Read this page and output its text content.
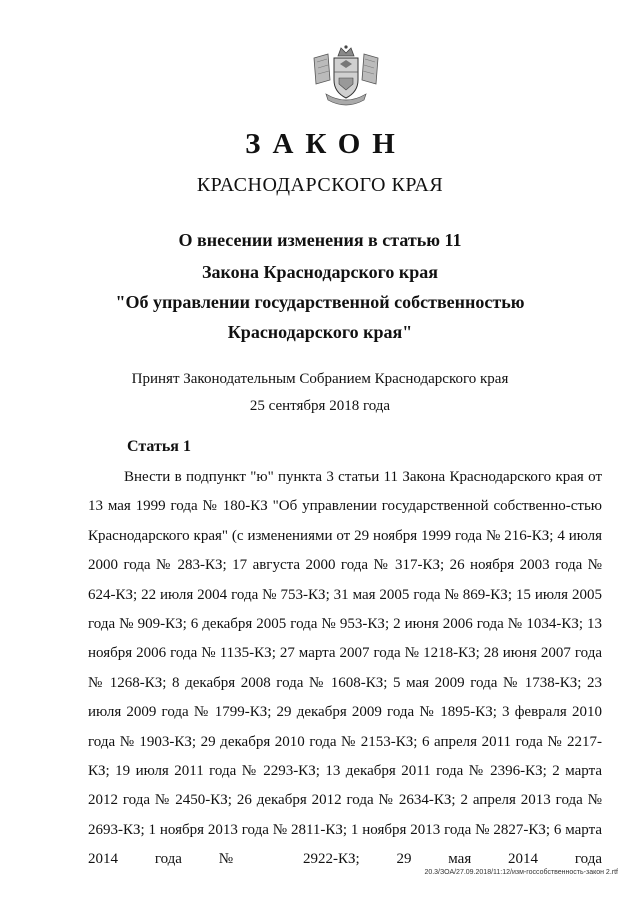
ЗАКОН
КРАСНОДАРСКОГО КРАЯ
О внесении изменения в статью 11
Закона Краснодарского края
"Об управлении государственной собственностью
Краснодарского края"
Принят Законодательным Собранием Краснодарского края
25 сентября 2018 года
Статья 1

Внести в подпункт "ю" пункта 3 статьи 11 Закона Краснодарского края от 13 мая 1999 года № 180-КЗ "Об управлении государственной собственно-стью Краснодарского края" (с изменениями от 29 ноября 1999 года № 216-КЗ; 4 июля 2000 года № 283-КЗ; 17 августа 2000 года № 317-КЗ; 26 ноября 2003 года № 624-КЗ; 22 июля 2004 года № 753-КЗ; 31 мая 2005 года № 869-КЗ; 15 июля 2005 года № 909-КЗ; 6 декабря 2005 года № 953-КЗ; 2 июня 2006 года № 1034-КЗ; 13 ноября 2006 года № 1135-КЗ; 27 марта 2007 года № 1218-КЗ; 28 июня 2007 года № 1268-КЗ; 8 декабря 2008 года № 1608-КЗ; 5 мая 2009 года № 1738-КЗ; 23 июля 2009 года № 1799-КЗ; 29 декабря 2009 года № 1895-КЗ; 3 февраля 2010 года № 1903-КЗ; 29 декабря 2010 года № 2153-КЗ; 6 апреля 2011 года № 2217-КЗ; 19 июля 2011 года № 2293-КЗ; 13 декабря 2011 года № 2396-КЗ; 2 марта 2012 года № 2450-КЗ; 26 декабря 2012 года № 2634-КЗ; 2 апреля 2013 года № 2693-КЗ; 1 ноября 2013 года № 2811-КЗ; 1 ноября 2013 года № 2827-КЗ; 6 марта 2014 года № 2922-КЗ; 29 мая 2014 года

20.3/ЗОА/27.09.2018/11:12/изм-госсобственность-закон 2.rtf
